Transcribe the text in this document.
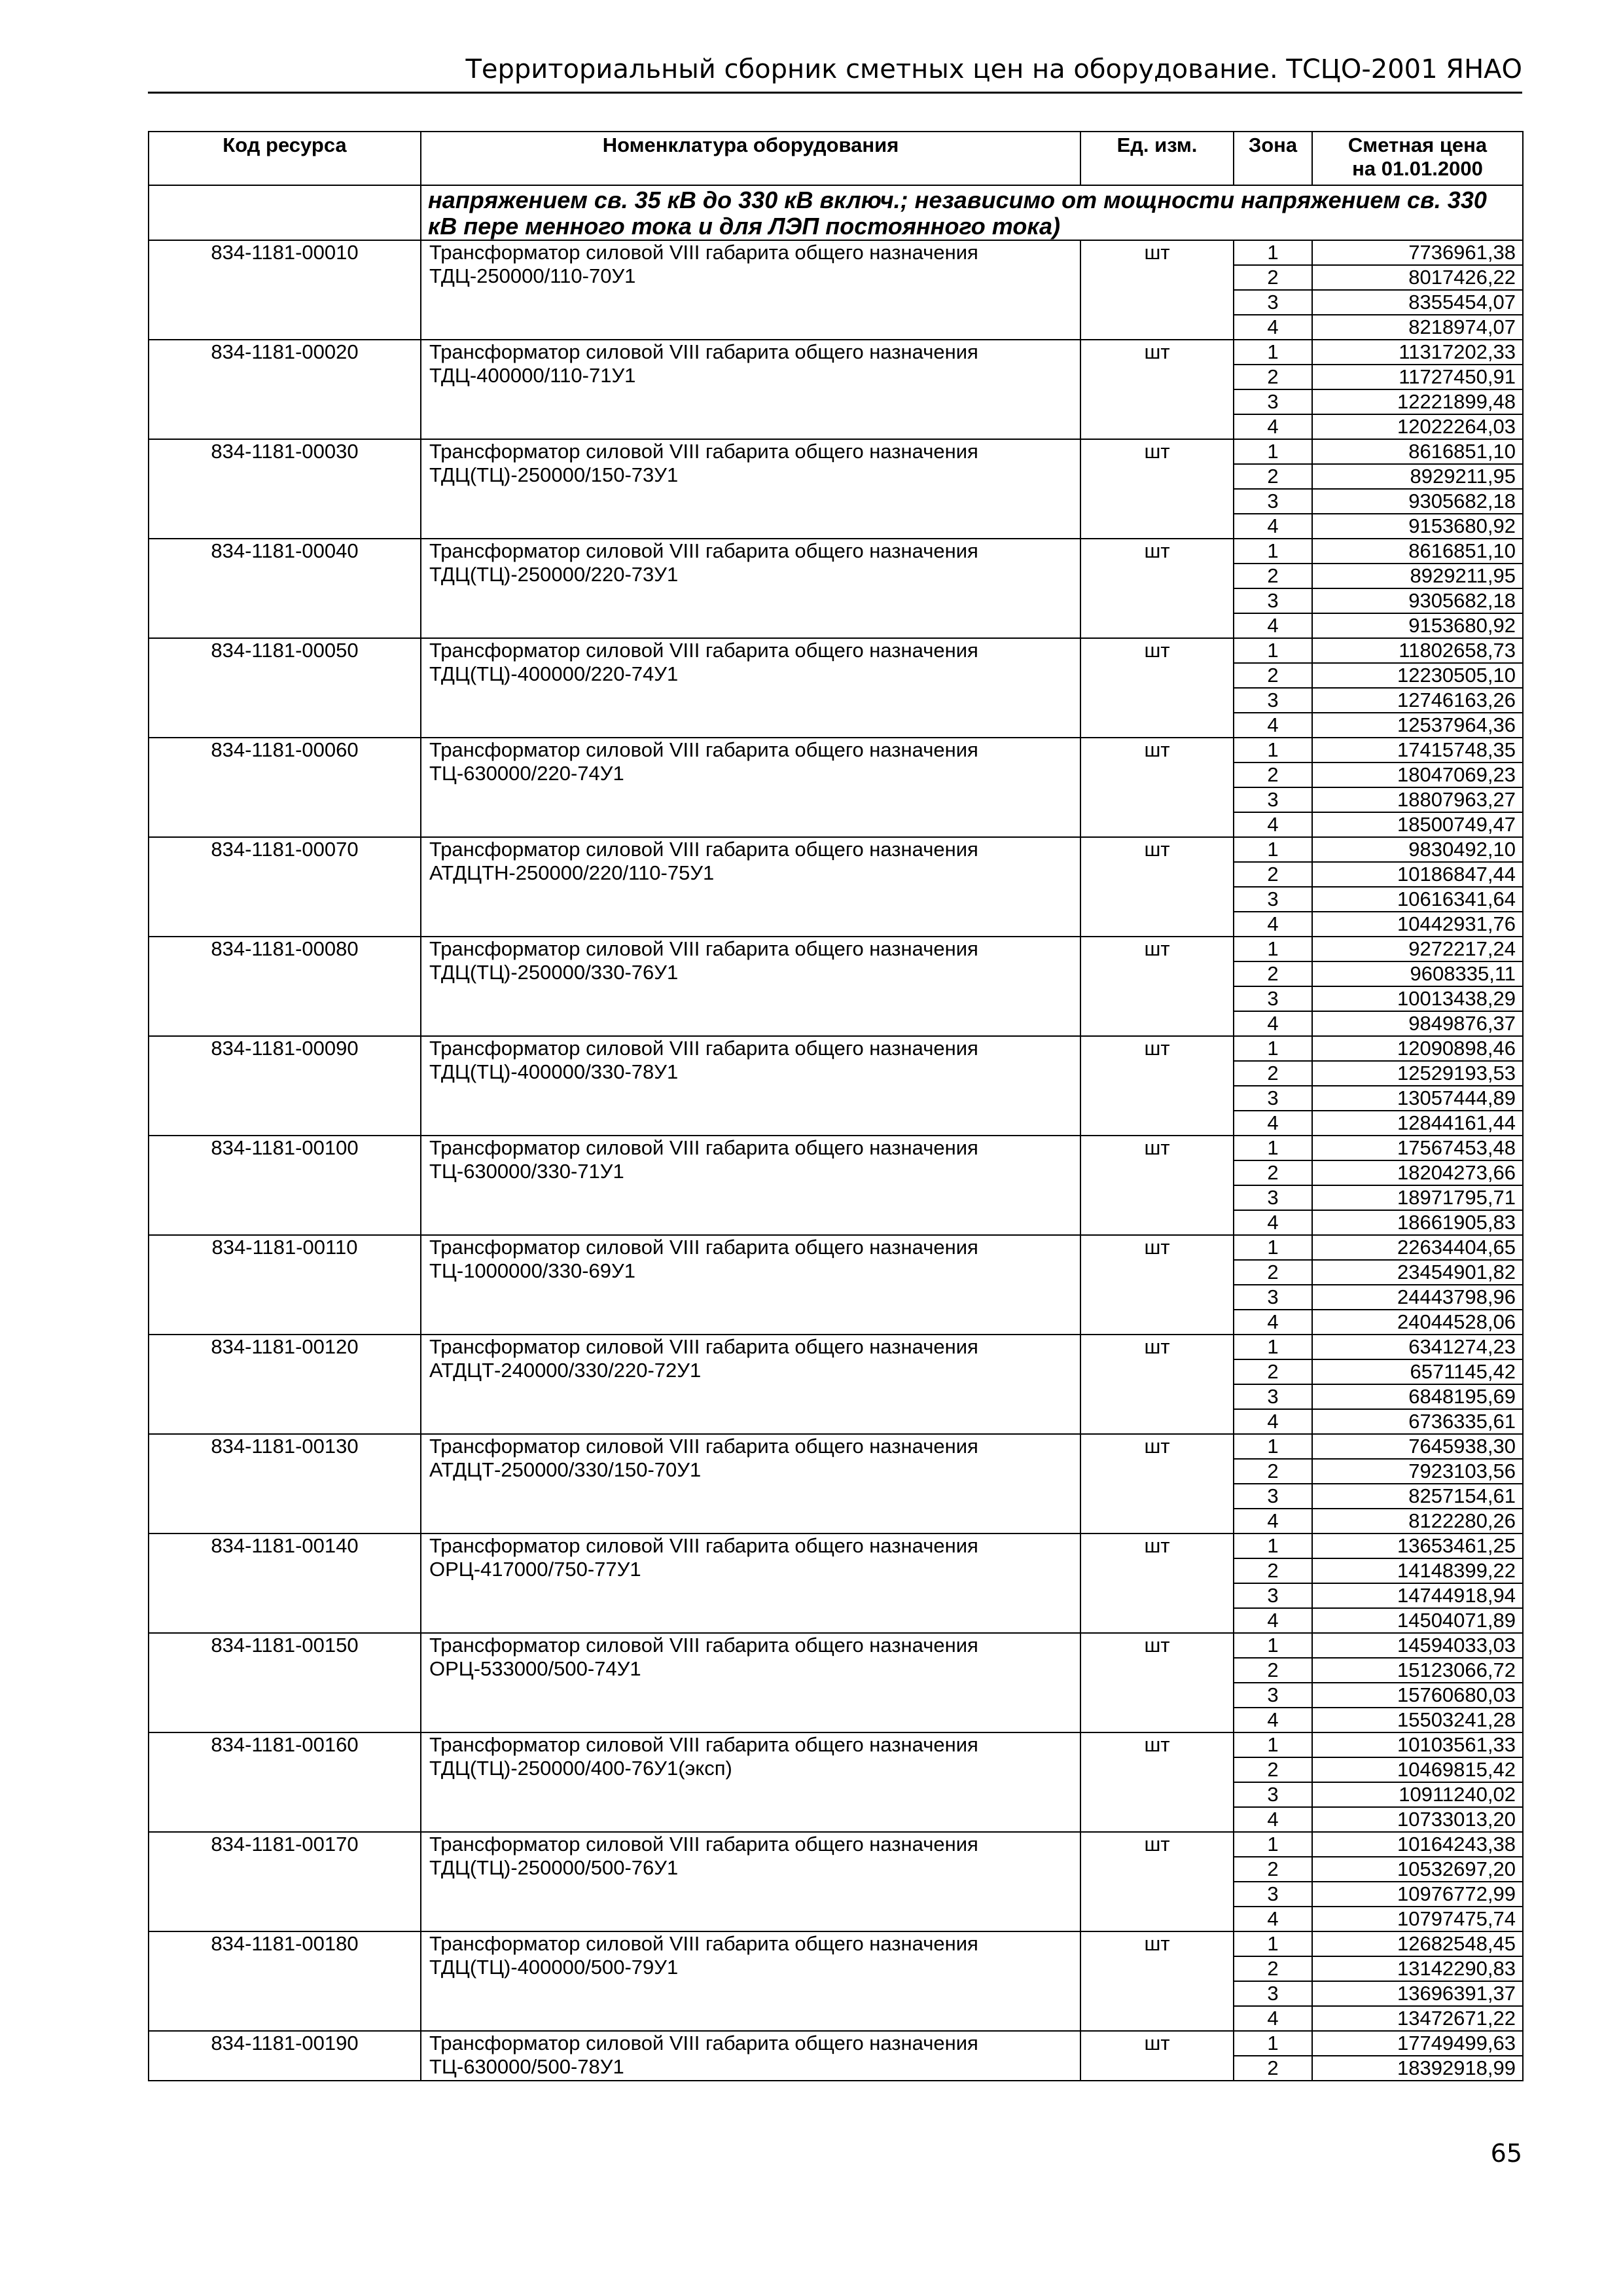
Территориальный сборник сметных цен на оборудование. ТСЦО-2001 ЯНАО
Код ресурса	Номенклатура оборудования	Ед. изм.	Зона	Сметная цена
на 01.01.2000
	напряжением св. 35 кВ до 330 кВ включ.; независимо от мощности напряжением св. 330 кВ пере менного тока и для ЛЭП постоянного тока)			
834-1181-00010	Трансформатор силовой VIII габарита общего назначения ТДЦ-250000/110-70У1	шт	1	7736961,38
			2	8017426,22
			3	8355454,07
			4	8218974,07
834-1181-00020	Трансформатор силовой VIII габарита общего назначения ТДЦ-400000/110-71У1	шт	1	11317202,33
			2	11727450,91
			3	12221899,48
			4	12022264,03
834-1181-00030	Трансформатор силовой VIII габарита общего назначения ТДЦ(ТЦ)-250000/150-73У1	шт	1	8616851,10
			2	8929211,95
			3	9305682,18
			4	9153680,92
834-1181-00040	Трансформатор силовой VIII габарита общего назначения ТДЦ(ТЦ)-250000/220-73У1	шт	1	8616851,10
			2	8929211,95
			3	9305682,18
			4	9153680,92
834-1181-00050	Трансформатор силовой VIII габарита общего назначения ТДЦ(ТЦ)-400000/220-74У1	шт	1	11802658,73
			2	12230505,10
			3	12746163,26
			4	12537964,36
834-1181-00060	Трансформатор силовой VIII габарита общего назначения ТЦ-630000/220-74У1	шт	1	17415748,35
			2	18047069,23
			3	18807963,27
			4	18500749,47
834-1181-00070	Трансформатор силовой VIII габарита общего назначения АТДЦТН-250000/220/110-75У1	шт	1	9830492,10
			2	10186847,44
			3	10616341,64
			4	10442931,76
834-1181-00080	Трансформатор силовой VIII габарита общего назначения ТДЦ(ТЦ)-250000/330-76У1	шт	1	9272217,24
			2	9608335,11
			3	10013438,29
			4	9849876,37
834-1181-00090	Трансформатор силовой VIII габарита общего назначения ТДЦ(ТЦ)-400000/330-78У1	шт	1	12090898,46
			2	12529193,53
			3	13057444,89
			4	12844161,44
834-1181-00100	Трансформатор силовой VIII габарита общего назначения ТЦ-630000/330-71У1	шт	1	17567453,48
			2	18204273,66
			3	18971795,71
			4	18661905,83
834-1181-00110	Трансформатор силовой VIII габарита общего назначения ТЦ-1000000/330-69У1	шт	1	22634404,65
			2	23454901,82
			3	24443798,96
			4	24044528,06
834-1181-00120	Трансформатор силовой VIII габарита общего назначения АТДЦТ-240000/330/220-72У1	шт	1	6341274,23
			2	6571145,42
			3	6848195,69
			4	6736335,61
834-1181-00130	Трансформатор силовой VIII габарита общего назначения АТДЦТ-250000/330/150-70У1	шт	1	7645938,30
			2	7923103,56
			3	8257154,61
			4	8122280,26
834-1181-00140	Трансформатор силовой VIII габарита общего назначения ОРЦ-417000/750-77У1	шт	1	13653461,25
			2	14148399,22
			3	14744918,94
			4	14504071,89
834-1181-00150	Трансформатор силовой VIII габарита общего назначения ОРЦ-533000/500-74У1	шт	1	14594033,03
			2	15123066,72
			3	15760680,03
			4	15503241,28
834-1181-00160	Трансформатор силовой VIII габарита общего назначения ТДЦ(ТЦ)-250000/400-76У1(эксп)	шт	1	10103561,33
			2	10469815,42
			3	10911240,02
			4	10733013,20
834-1181-00170	Трансформатор силовой VIII габарита общего назначения ТДЦ(ТЦ)-250000/500-76У1	шт	1	10164243,38
			2	10532697,20
			3	10976772,99
			4	10797475,74
834-1181-00180	Трансформатор силовой VIII габарита общего назначения ТДЦ(ТЦ)-400000/500-79У1	шт	1	12682548,45
			2	13142290,83
			3	13696391,37
			4	13472671,22
834-1181-00190	Трансформатор силовой VIII габарита общего назначения ТЦ-630000/500-78У1	шт	1	17749499,63
			2	18392918,99
65
